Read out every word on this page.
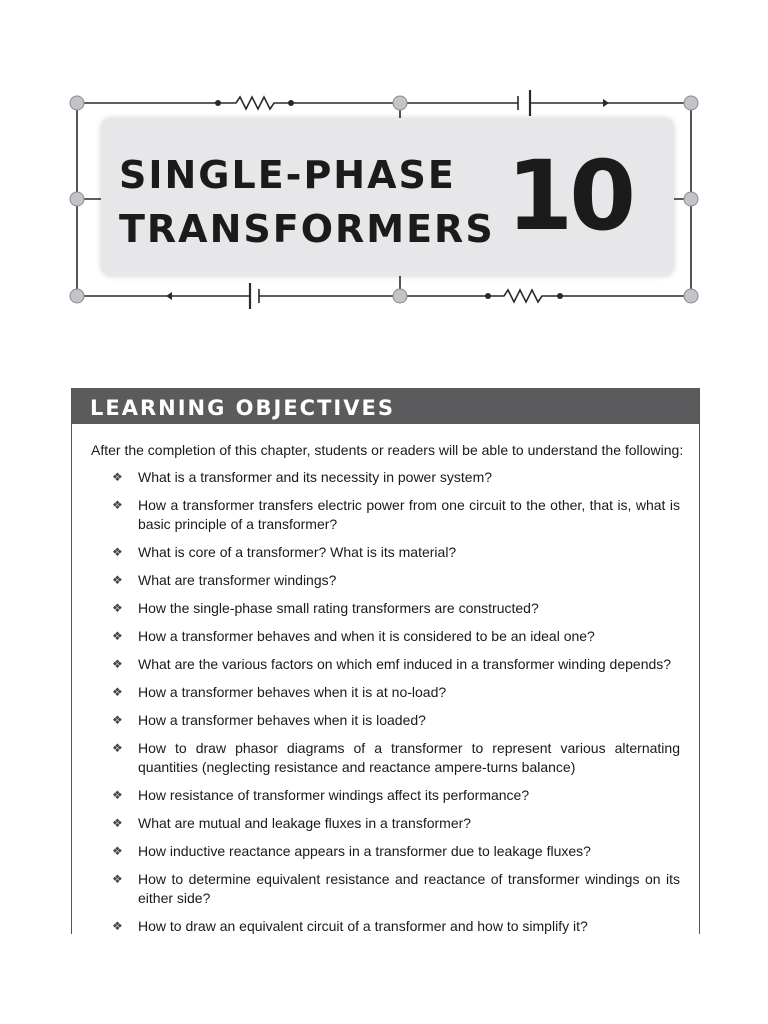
SINGLE-PHASE
TRANSFORMERS 10
LEARNING OBJECTIVES
After the completion of this chapter, students or readers will be able to understand the following:
❖ What is a transformer and its necessity in power system?
❖ How a transformer transfers electric power from one circuit to the other, that is, what is basic principle of a transformer?
❖ What is core of a transformer? What is its material?
❖ What are transformer windings?
❖ How the single-phase small rating transformers are constructed?
❖ How a transformer behaves and when it is considered to be an ideal one?
❖ What are the various factors on which emf induced in a transformer winding depends?
❖ How a transformer behaves when it is at no-load?
❖ How a transformer behaves when it is loaded?
❖ How to draw phasor diagrams of a transformer to represent various alternating quantities (neglecting resistance and reactance ampere-turns balance)
❖ How resistance of transformer windings affect its performance?
❖ What are mutual and leakage fluxes in a transformer?
❖ How inductive reactance appears in a transformer due to leakage fluxes?
❖ How to determine equivalent resistance and reactance of transformer windings on its either side?
❖ How to draw an equivalent circuit of a transformer and how to simplify it?
